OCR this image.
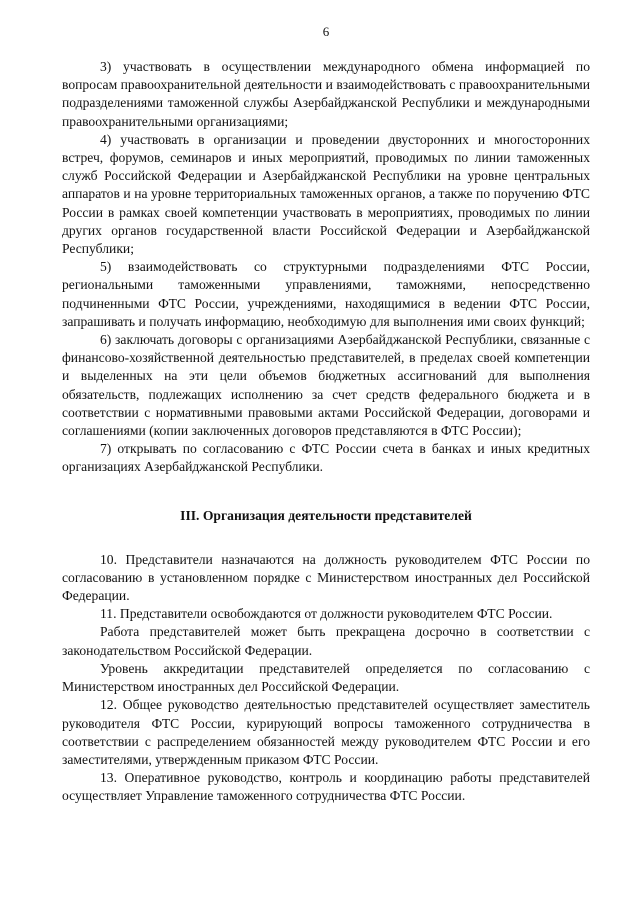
6

3) участвовать в осуществлении международного обмена информацией по вопросам правоохранительной деятельности и взаимодействовать с правоохранительными подразделениями таможенной службы Азербайджанской Республики и международными правоохранительными организациями;

4) участвовать в организации и проведении двусторонних и многосторонних встреч, форумов, семинаров и иных мероприятий, проводимых по линии таможенных служб Российской Федерации и Азербайджанской Республики на уровне центральных аппаратов и на уровне территориальных таможенных органов, а также по поручению ФТС России в рамках своей компетенции участвовать в мероприятиях, проводимых по линии других органов государственной власти Российской Федерации и Азербайджанской Республики;

5) взаимодействовать со структурными подразделениями ФТС России, региональными таможенными управлениями, таможнями, непосредственно подчиненными ФТС России, учреждениями, находящимися в ведении ФТС России, запрашивать и получать информацию, необходимую для выполнения ими своих функций;

6) заключать договоры с организациями Азербайджанской Республики, связанные с финансово-хозяйственной деятельностью представителей, в пределах своей компетенции и выделенных на эти цели объемов бюджетных ассигнований для выполнения обязательств, подлежащих исполнению за счет средств федерального бюджета и в соответствии с нормативными правовыми актами Российской Федерации, договорами и соглашениями (копии заключенных договоров представляются в ФТС России);

7) открывать по согласованию с ФТС России счета в банках и иных кредитных организациях Азербайджанской Республики.

III. Организация деятельности представителей

10. Представители назначаются на должность руководителем ФТС России по согласованию в установленном порядке с Министерством иностранных дел Российской Федерации.

11. Представители освобождаются от должности руководителем ФТС России.

Работа представителей может быть прекращена досрочно в соответствии с законодательством Российской Федерации.

Уровень аккредитации представителей определяется по согласованию с Министерством иностранных дел Российской Федерации.

12. Общее руководство деятельностью представителей осуществляет заместитель руководителя ФТС России, курирующий вопросы таможенного сотрудничества в соответствии с распределением обязанностей между руководителем ФТС России и его заместителями, утвержденным приказом ФТС России.

13. Оперативное руководство, контроль и координацию работы представителей осуществляет Управление таможенного сотрудничества ФТС России.
